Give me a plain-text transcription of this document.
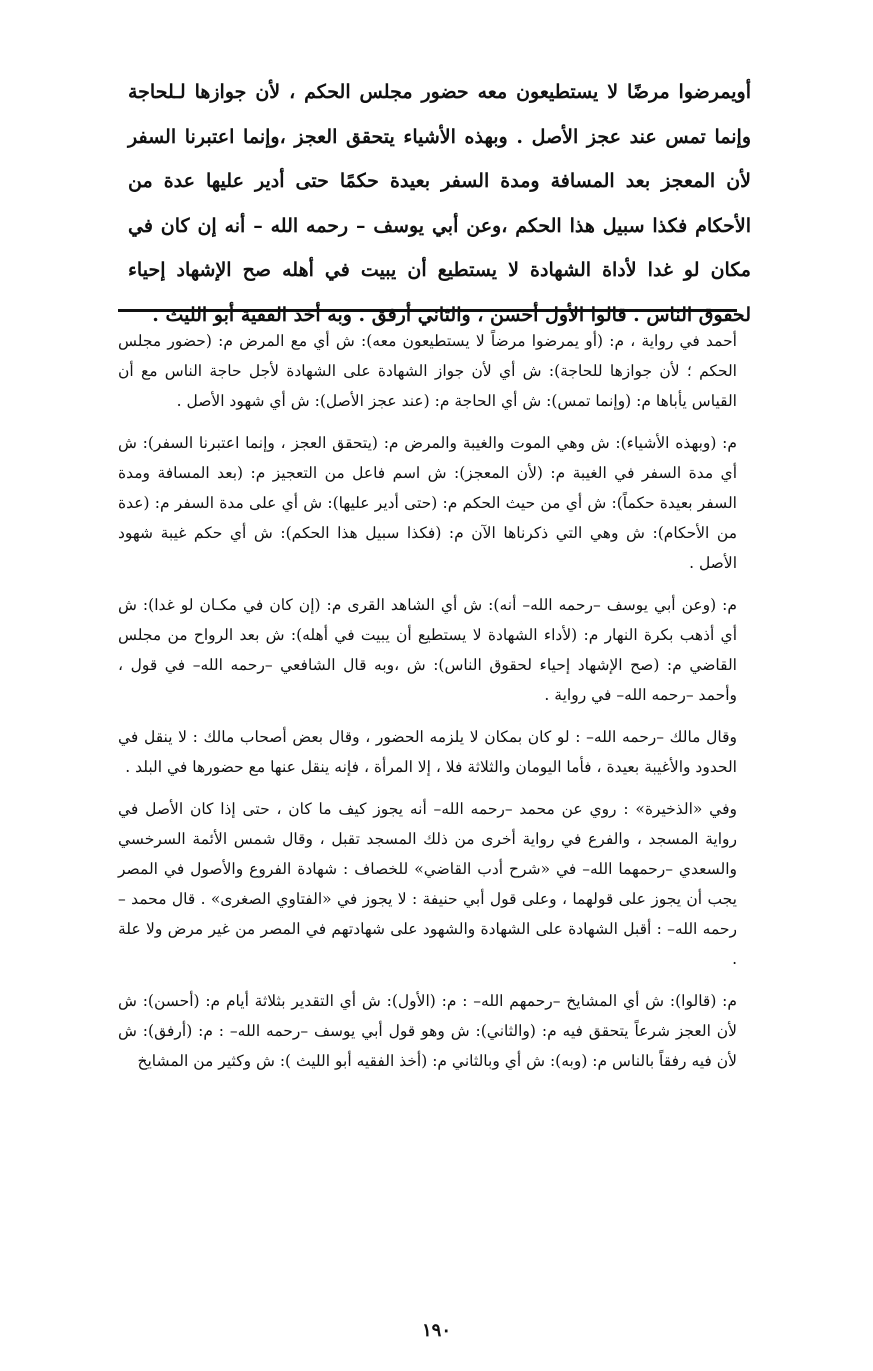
أويمرضوا مرضًا لا يستطيعون معه حضور مجلس الحكم ، لأن جوازها لـلحاجة وإنما تمس عند عجز الأصل . وبهذه الأشياء يتحقق العجز ،وإنما اعتبرنا السفر لأن المعجز بعد المسافة ومدة السفر بعيدة حكمًا حتى أدير عليها عدة من الأحكام فكذا سبيل هذا الحكم ،وعن أبي يوسف – رحمه الله – أنه إن كان في مكان لو غدا لأداة الشهادة لا يستطيع أن يبيت في أهله صح الإشهاد إحياء لحقوق الناس . قالوا الأول أحسن ، والثاني أرفق . وبه أخذ الفقية أبو الليث .

أحمد في رواية ، م: (أو يمرضوا مرضاً لا يستطيعون معه): ش أي مع المرض م: (حضور مجلس الحكم ؛ لأن جوازها للحاجة): ش أي لأن جواز الشهادة على الشهادة لأجل حاجة الناس مع أن القياس يأباها م: (وإنما تمس): ش أي الحاجة م: (عند عجز الأصل): ش أي شهود الأصل .

م: (وبهذه الأشياء): ش وهي الموت والغيبة والمرض م: (يتحقق العجز ، وإنما اعتبرنا السفر): ش أي مدة السفر في الغيبة م: (لأن المعجز): ش اسم فاعل من التعجيز م: (بعد المسافة ومدة السفر بعيدة حكماً): ش أي من حيث الحكم م: (حتى أدير عليها): ش أي على مدة السفر م: (عدة من الأحكام): ش وهي التي ذكرناها الآن م: (فكذا سبيل هذا الحكم): ش أي حكم غيبة شهود الأصل .

م: (وعن أبي يوسف –رحمه الله– أنه): ش أي الشاهد القرى م: (إن كان في مكـان لو غدا): ش أي أذهب بكرة النهار م: (لأداء الشهادة لا يستطيع أن يبيت في أهله): ش بعد الرواح من مجلس القاضي م: (صح الإشهاد إحياء لحقوق الناس): ش ،وبه قال الشافعي –رحمه الله– في قول ، وأحمد –رحمه الله– في رواية .

وقال مالك –رحمه الله– : لو كان بمكان لا يلزمه الحضور ، وقال بعض أصحاب مالك : لا ينقل في الحدود والأغيبة بعيدة ، فأما اليومان والثلاثة فلا ، إلا المرأة ، فإنه ينقل عنها مع حضورها في البلد .

وفي «الذخيرة» : روي عن محمد –رحمه الله– أنه يجوز كيف ما كان ، حتى إذا كان الأصل في رواية المسجد ، والفرع في رواية أخرى من ذلك المسجد تقبل ، وقال شمس الأئمة السرخسي والسعدي –رحمهما الله– في «شرح أدب القاضي» للخصاف : شهادة الفروع والأصول في المصر يجب أن يجوز على قولهما ، وعلى قول أبي حنيفة : لا يجوز في «الفتاوي الصغرى» . قال محمد –رحمه الله– : أقبل الشهادة على الشهادة والشهود على شهادتهم في المصر من غير مرض ولا علة .

م: (قالوا): ش أي المشايخ –رحمهم الله– : م: (الأول): ش أي التقدير بثلاثة أيام م: (أحسن): ش لأن العجز شرعاً يتحقق فيه م: (والثاني): ش وهو قول أبي يوسف –رحمه الله– : م: (أرفق): ش لأن فيه رفقاً بالناس م: (وبه): ش أي وبالثاني م: (أخذ الفقيه أبو الليث ): ش وكثير من المشايخ

١٩٠
